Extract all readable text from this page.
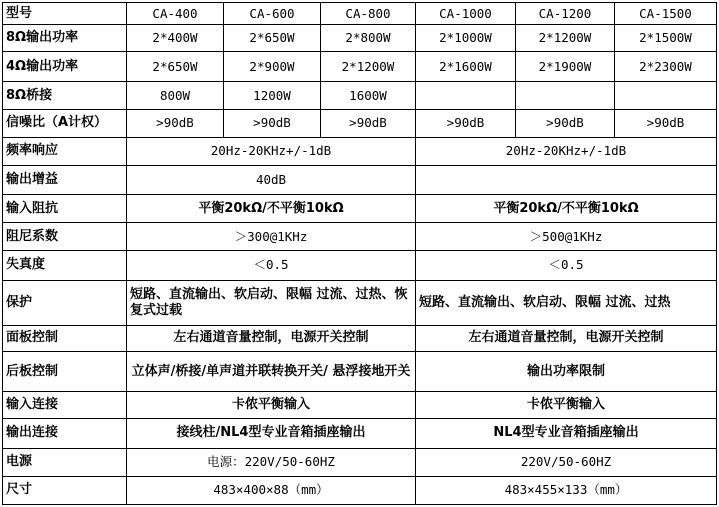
型号	CA-400	CA-600	CA-800	CA-1000	CA-1200	CA-1500
8Ω输出功率	2*400W	2*650W	2*800W	2*1000W	2*1200W	2*1500W
4Ω输出功率	2*650W	2*900W	2*1200W	2*1600W	2*1900W	2*2300W
8Ω桥接	800W	1200W	1600W			
信噪比（A计权）	>90dB	>90dB	>90dB	>90dB	>90dB	>90dB
频率响应	20Hz-20KHz+/-1dB			20Hz-20KHz+/-1dB		
输出增益	40dB					
输入阻抗	平衡20kΩ/不平衡10kΩ			平衡20kΩ/不平衡10kΩ		
阻尼系数	＞300@1KHz			＞500@1KHz		
失真度	＜0.5			＜0.5		
保护	短路、直流输出、软启动、限幅 过流、过热、恢复式过载			短路、直流输出、软启动、限幅 过流、过热		
面板控制	左右通道音量控制，电源开关控制			左右通道音量控制，电源开关控制		
后板控制	立体声/桥接/单声道并联转换开关/ 悬浮接地开关			输出功率限制		
输入连接	卡侬平衡输入			卡侬平衡输入		
输出连接	接线柱/NL4型专业音箱插座输出			NL4型专业音箱插座输出		
电源	电源：220V/50-60HZ			220V/50-60HZ		
尺寸	483×400×88（mm）			483×455×133（mm）		
